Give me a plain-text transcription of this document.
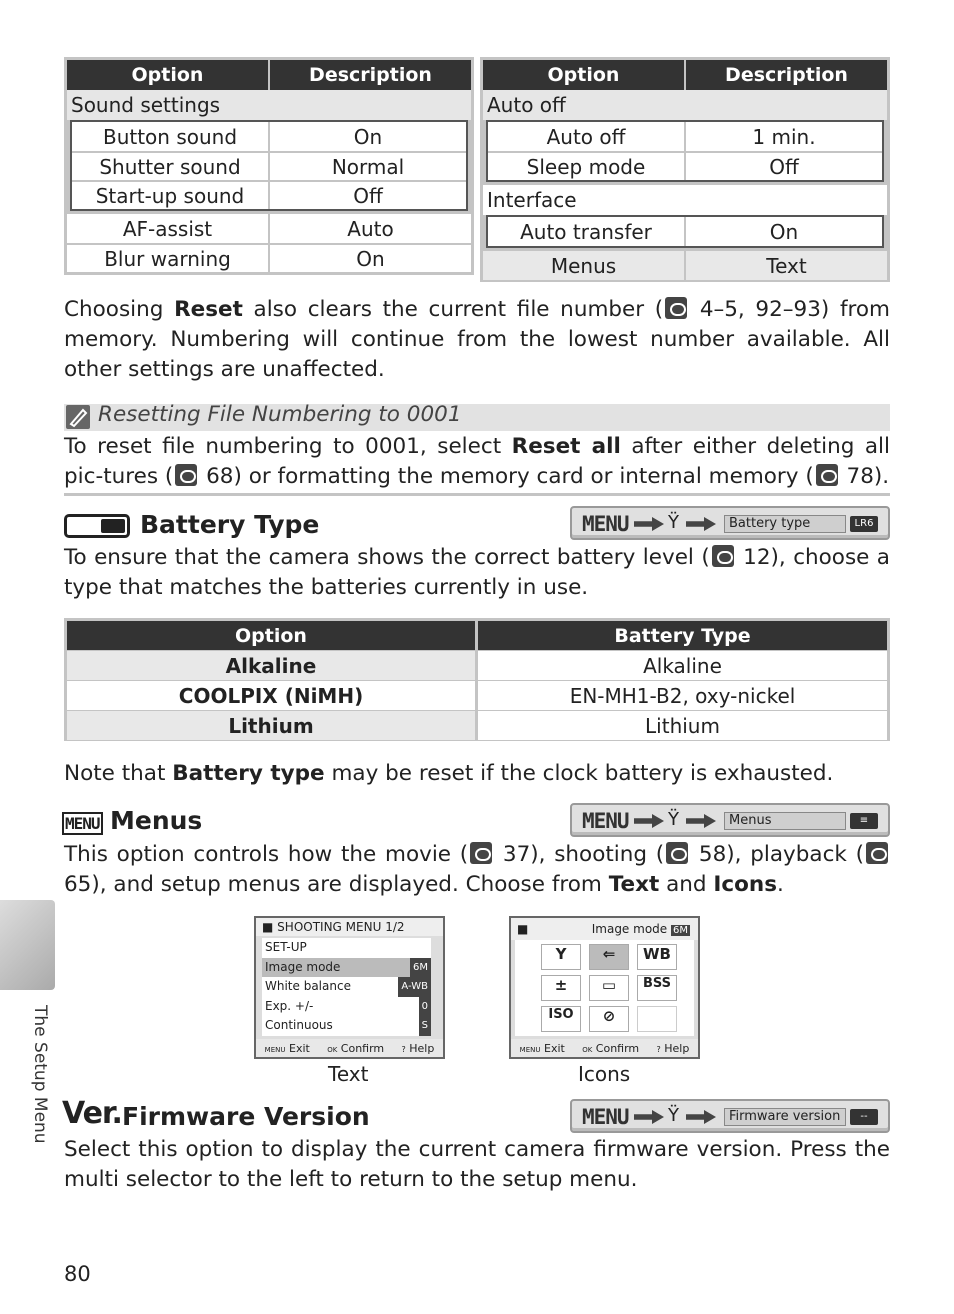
Option	Description
Sound settings
Button sound	On
Shutter sound	Normal
Start-up sound	Off
AF-assist	Auto
Blur warning	On
Option	Description
Auto off
Auto off	1 min.
Sleep mode	Off
Interface
Auto transfer	On
Menus	Text

Choosing Reset also clears the current file number ( 4–5, 92–93) from memory. Numbering will continue from the lowest number available. All other settings are unaffected.

Resetting File Numbering to 0001

To reset file numbering to 0001, select Reset all after either deleting all pic-tures ( 68) or formatting the memory card or internal memory ( 78).

Battery Type	MENU Ÿ	Battery type	LR6

To ensure that the camera shows the correct battery level ( 12), choose a type that matches the batteries currently in use.

Option	Battery Type
Alkaline	Alkaline
COOLPIX (NiMH)	EN-MH1-B2, oxy-nickel
Lithium	Lithium

Note that Battery type may be reset if the clock battery is exhausted.

MENU Menus	MENU Ÿ	Menus	≡

This option controls how the movie ( 37), shooting ( 58), playback ( 65), and setup menus are displayed. Choose from Text and Icons.

■ SHOOTING MENU 1/2
SET-UP
Image mode	6M
White balance	A-WB
Exp. +/-	0
Continuous	S
MENU Exit OK Confirm ? Help
Text
■	Image mode 6M
Y	⇐	WB
±	▭	BSS
ISO	⊘
MENU Exit OK Confirm ? Help
Icons
Ver. Firmware Version	MENU Ÿ	Firmware version	--

Select this option to display the current camera firmware version. Press the multi selector to the left to return to the setup menu.

The Setup Menu
80
